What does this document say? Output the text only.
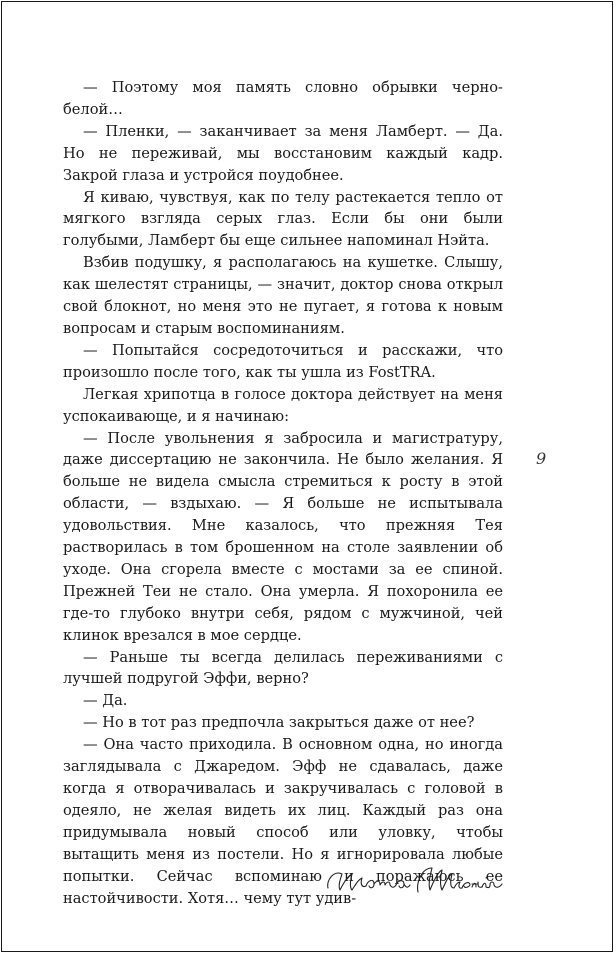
— Поэтому моя память словно обрывки черно-белой…

— Пленки, — заканчивает за меня Ламберт. — Да. Но не переживай, мы восстановим каждый кадр. Закрой глаза и устройся поудобнее.

Я киваю, чувствуя, как по телу растекается тепло от мягкого взгляда серых глаз. Если бы они были голубыми, Ламберт бы еще сильнее напоминал Нэйта.

Взбив подушку, я располагаюсь на кушетке. Слышу, как шелестят страницы, — значит, доктор снова открыл свой блокнот, но меня это не пугает, я готова к новым вопросам и старым воспоминаниям.

— Попытайся сосредоточиться и расскажи, что произошло после того, как ты ушла из FostTRA.

Легкая хрипотца в голосе доктора действует на меня успокаивающе, и я начинаю:

— После увольнения я забросила и магистратуру, даже диссертацию не закончила. Не было желания. Я больше не видела смысла стремиться к росту в этой области, — вздыхаю. — Я больше не испытывала удовольствия. Мне казалось, что прежняя Тея растворилась в том брошенном на столе заявлении об уходе. Она сгорела вместе с мостами за ее спиной. Прежней Теи не стало. Она умерла. Я похоронила ее где-то глубоко внутри себя, рядом с мужчиной, чей клинок врезался в мое сердце.

— Раньше ты всегда делилась переживаниями с лучшей подругой Эффи, верно?

— Да.

— Но в тот раз предпочла закрыться даже от нее?

— Она часто приходила. В основном одна, но иногда заглядывала с Джаредом. Эфф не сдавалась, даже когда я отворачивалась и закручивалась с головой в одеяло, не желая видеть их лиц. Каждый раз она придумывала новый способ или уловку, чтобы вытащить меня из постели. Но я игнорировала любые попытки. Сейчас вспоминаю и поражаюсь ее настойчивости. Хотя… чему тут удив-

9
